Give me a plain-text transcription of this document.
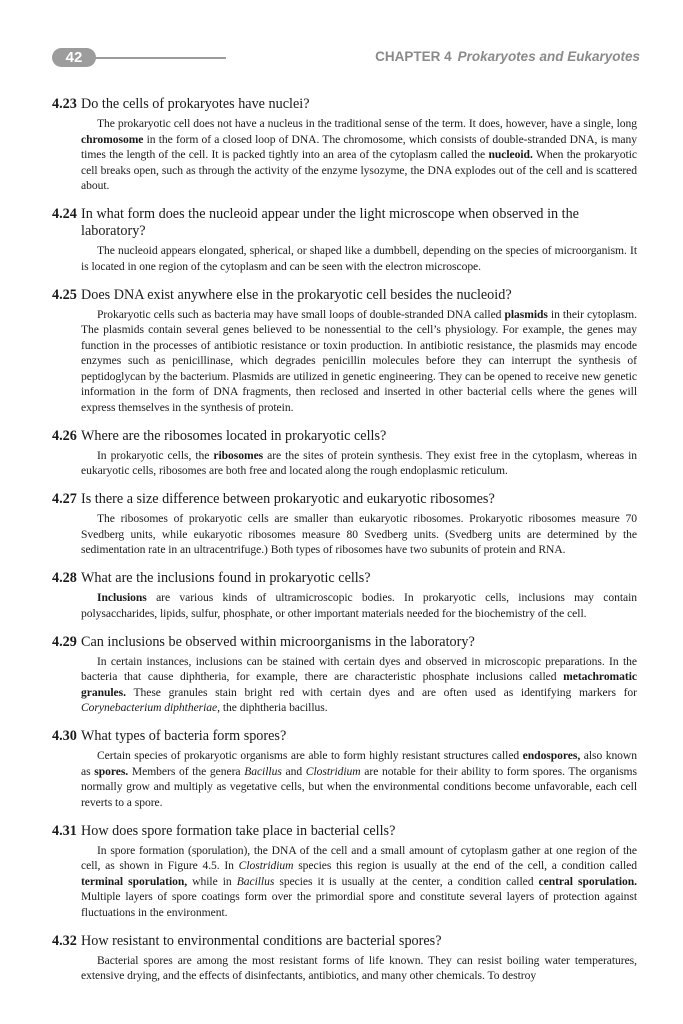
42	CHAPTER 4 Prokaryotes and Eukaryotes
4.23 Do the cells of prokaryotes have nuclei?
The prokaryotic cell does not have a nucleus in the traditional sense of the term. It does, however, have a single, long chromosome in the form of a closed loop of DNA. The chromosome, which consists of double-stranded DNA, is many times the length of the cell. It is packed tightly into an area of the cytoplasm called the nucleoid. When the prokaryotic cell breaks open, such as through the activity of the enzyme lysozyme, the DNA explodes out of the cell and is scattered about.
4.24 In what form does the nucleoid appear under the light microscope when observed in the laboratory?
The nucleoid appears elongated, spherical, or shaped like a dumbbell, depending on the species of microorganism. It is located in one region of the cytoplasm and can be seen with the electron microscope.
4.25 Does DNA exist anywhere else in the prokaryotic cell besides the nucleoid?
Prokaryotic cells such as bacteria may have small loops of double-stranded DNA called plasmids in their cytoplasm. The plasmids contain several genes believed to be nonessential to the cell’s physiology. For example, the genes may function in the processes of antibiotic resistance or toxin production. In antibiotic resistance, the plasmids may encode enzymes such as penicillinase, which degrades penicillin molecules before they can interrupt the synthesis of peptidoglycan by the bacterium. Plasmids are utilized in genetic engineering. They can be opened to receive new genetic information in the form of DNA fragments, then reclosed and inserted in other bacterial cells where the genes will express themselves in the synthesis of protein.
4.26 Where are the ribosomes located in prokaryotic cells?
In prokaryotic cells, the ribosomes are the sites of protein synthesis. They exist free in the cytoplasm, whereas in eukaryotic cells, ribosomes are both free and located along the rough endoplasmic reticulum.
4.27 Is there a size difference between prokaryotic and eukaryotic ribosomes?
The ribosomes of prokaryotic cells are smaller than eukaryotic ribosomes. Prokaryotic ribosomes measure 70 Svedberg units, while eukaryotic ribosomes measure 80 Svedberg units. (Svedberg units are determined by the sedimentation rate in an ultracentrifuge.) Both types of ribosomes have two subunits of protein and RNA.
4.28 What are the inclusions found in prokaryotic cells?
Inclusions are various kinds of ultramicroscopic bodies. In prokaryotic cells, inclusions may contain polysaccharides, lipids, sulfur, phosphate, or other important materials needed for the biochemistry of the cell.
4.29 Can inclusions be observed within microorganisms in the laboratory?
In certain instances, inclusions can be stained with certain dyes and observed in microscopic preparations. In the bacteria that cause diphtheria, for example, there are characteristic phosphate inclusions called metachromatic granules. These granules stain bright red with certain dyes and are often used as identifying markers for Corynebacterium diphtheriae, the diphtheria bacillus.
4.30 What types of bacteria form spores?
Certain species of prokaryotic organisms are able to form highly resistant structures called endospores, also known as spores. Members of the genera Bacillus and Clostridium are notable for their ability to form spores. The organisms normally grow and multiply as vegetative cells, but when the environmental conditions become unfavorable, each cell reverts to a spore.
4.31 How does spore formation take place in bacterial cells?
In spore formation (sporulation), the DNA of the cell and a small amount of cytoplasm gather at one region of the cell, as shown in Figure 4.5. In Clostridium species this region is usually at the end of the cell, a condition called terminal sporulation, while in Bacillus species it is usually at the center, a condition called central sporulation. Multiple layers of spore coatings form over the primordial spore and constitute several layers of protection against fluctuations in the environment.
4.32 How resistant to environmental conditions are bacterial spores?
Bacterial spores are among the most resistant forms of life known. They can resist boiling water temperatures, extensive drying, and the effects of disinfectants, antibiotics, and many other chemicals. To destroy
